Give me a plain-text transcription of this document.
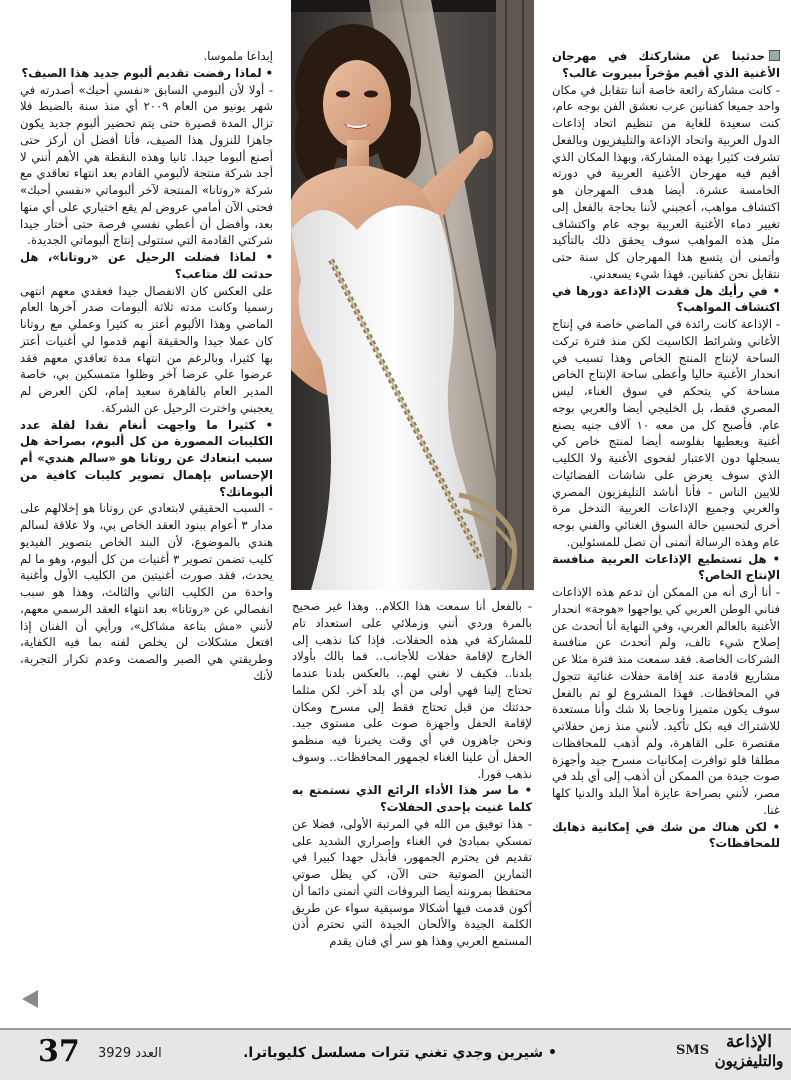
حدثينا عن مشاركتك في مهرجان الأغنية الذي أقيم مؤخراً ببيروت غالب؟

- كانت مشاركة رائعة خاصة أننا نتقابل في مكان واحد جميعا كفنانين عرب نعشق الفن بوجه عام، كنت سعيدة للغاية من تنظيم اتحاد إذاعات الدول العربية واتحاد الإذاعة والتليفزيون وبالفعل تشرفت كثيرا بهذه المشاركة، وبهذا المكان الذي أقيم فيه مهرجان الأغنية العربية في دورته الخامسة عشرة. أيضا هدف المهرجان هو اكتشاف مواهب، أعجبني لأننا بحاجة بالفعل إلى تغيير دماء الأغنية العربية بوجه عام واكتشاف مثل هذه المواهب سوف يحقق ذلك بالتأكيد وأتمنى أن يتسع هذا المهرجان كل سنة حتى نتقابل نحن كفنانين. فهذا شيء يسعدني.

• في رأيك هل فقدت الإذاعة دورها في اكتشاف المواهب؟

- الإذاعة كانت رائدة في الماضي خاصة في إنتاج الأغاني وشرائط الكاسيت لكن منذ فترة تركت الساحة لإنتاج المنتج الخاص وهذا تسبب في انحدار الأغنية حاليا وأعطى ساحة الإنتاج الخاص مساحة كي يتحكم في سوق الغناء، ليس المصري فقط، بل الخليجي أيضا والعربي بوجه عام. فأصبح كل من معه ١٠ آلاف جنيه يصنع أغنية ويعطيها بفلوسه أيضا لمنتج خاص كي يسجلها دون الاعتبار لفحوى الأغنية ولا الكليب الذي سوف يعرض على شاشات الفضائيات للايين الناس - فأنا أناشد التليفزيون المصري والعربي وجميع الإذاعات العربية التدخل مرة أخرى لتحسين حالة السوق الغنائي والفني بوجه عام وهذه الرسالة أتمنى أن تصل للمسئولين.

• هل تستطيع الإذاعات العربية منافسة الإنتاج الخاص؟

- أنا أرى أنه من الممكن أن تدعم هذه الإذاعات فناني الوطن العربي كي يواجهوا «هوجة» انحدار الأغنية بالعالم العربي، وفي النهاية أنا أتحدث عن إصلاح شيء تالف، ولم أتحدث عن منافسة الشركات الخاصة. فقد سمعت منذ فترة مثلا عن مشاريع قادمة عند إقامة حفلات غنائية تتجول في المحافظات. فهذا المشروع لو تم بالفعل سوف يكون متميزا وناجحا بلا شك وأنا مستعدة للاشتراك فيه بكل تأكيد. لأنني منذ زمن حفلاتي مقتصرة على القاهرة، ولم أذهب للمحافظات مطلقا فلو توافرت إمكانيات مسرح جيد وأجهزة صوت جيدة من الممكن أن أذهب إلى أي بلد في مصر، لأنني بصراحة عايزة أملأ البلد والدنيا كلها غنا.

• لكن هناك من شك في إمكانية ذهابك للمحافظات؟

إبداعا ملموسا.

• لماذا رفضت تقديم ألبوم جديد هذا الصيف؟

- أولا لأن ألبومي السابق «نفسي أحبك» أصدرته في شهر يونيو من العام ٢٠٠٩ أي منذ سنة بالضبط فلا تزال المدة قصيرة حتى يتم تحضير ألبوم جديد يكون جاهزا للنزول هذا الصيف، فأنا أفضل أن أركز حتى أصنع ألبوما جيدا. ثانيا وهذه النقطة هي الأهم أنني لا أجد شركة منتجة لألبومي القادم بعد انتهاء تعاقدي مع شركة «روتانا» المنتجة لآخر ألبوماتي «نفسي أحبك» فحتى الآن أمامي عروض لم يقع اختياري على أي منها بعد، وأفضل أن أعطي نفسي فرصة حتى أختار جيدا شركتي القادمة التي ستتولى إنتاج ألبوماتي الجديدة.

• لماذا فضلت الرحيل عن «روتانا»، هل حدثت لك متاعب؟

على العكس كان الانفصال جيدا فعقدي معهم انتهى رسميا وكانت مدته ثلاثة ألبومات صدر آخرها العام الماضي وهذا الألبوم أعتز به كثيرا وعملي مع روتانا كان عملا جيدا والحقيقة أنهم قدموا لي أغنيات أعتز بها كثيرا، وبالرغم من انتهاء مدة تعاقدي معهم فقد عرضوا علي عرضا آخر وظلوا متمسكين بي، خاصة المدير العام بالقاهرة سعيد إمام، لكن العرض لم يعجبني واخترت الرحيل عن الشركة.

• كثيرا ما واجهت أنغام نقدا لقلة عدد الكليبات المصورة من كل ألبوم، بصراحة هل سبب ابتعادك عن روتانا هو «سالم هندي» أم الإحساس بإهمال تصوير كليبات كافية من ألبوماتك؟

- السبب الحقيقي لابتعادي عن روتانا هو إخلالهم على مدار ٣ أعوام ببنود العقد الخاص بي، ولا علاقة لسالم هندي بالموضوع، لأن البند الخاص بتصوير الفيديو كليب تضمن تصوير ٣ أغنيات من كل ألبوم، وهو ما لم يحدث، فقد صورت أغنيتين من الكليب الأول وأغنية واحدة من الكليب الثاني والثالث، وهذا هو سبب انفصالي عن «روتانا» بعد انتهاء العقد الرسمي معهم، لأنني «مش بتاعة مشاكل»، ورأيي أن الفنان إذا افتعل مشكلات لن يخلص لفنه بما فيه الكفاية، وطريقتي هي الصبر والصمت وعدم تكرار التجربة، لأنك

- بالفعل أنا سمعت هذا الكلام.. وهذا غير صحيح بالمرة وردي أنني وزملائي على استعداد تام للمشاركة في هذه الحفلات. فإذا كنا نذهب إلى الخارج لإقامة حفلات للأجانب.. فما بالك بأولاد بلدنا.. فكيف لا نغني لهم.. بالعكس بلدنا عندما تحتاج إلينا فهي أولى من أي بلد آخر. لكن مثلما حدثتك من قبل تحتاج فقط إلى مسرح ومكان لإقامة الحفل وأجهزة صوت على مستوى جيد. ونحن جاهزون في أي وقت يخبرنا فيه منظمو الحفل أن علينا الغناء لجمهور المحافظات.. وسوف نذهب فورا.

• ما سر هذا الأداء الرائع الذي نستمتع به كلما غنيت بإحدى الحفلات؟

- هذا توفيق من الله في المرتبة الأولى، فضلا عن تمسكي بمبادئ في الغناء وإصراري الشديد على تقديم فن يحترم الجمهور، فأبذل جهدا كبيرا في التمارين الصوتية حتى الآن، كي يظل صوتي محتفظا بمرونته أيضا البروفات التي أتمنى دائما أن أكون قدمت فيها أشكالا موسيقية سواء عن طريق الكلمة الجيدة والألحان الجيدة التي تحترم أذن المستمع العربي وهذا هو سر أي فنان يقدم

37 العدد 3929	• شيرين وجدي تغني تترات مسلسل كليوباترا.	SMS الإذاعة
والتليفزيون
